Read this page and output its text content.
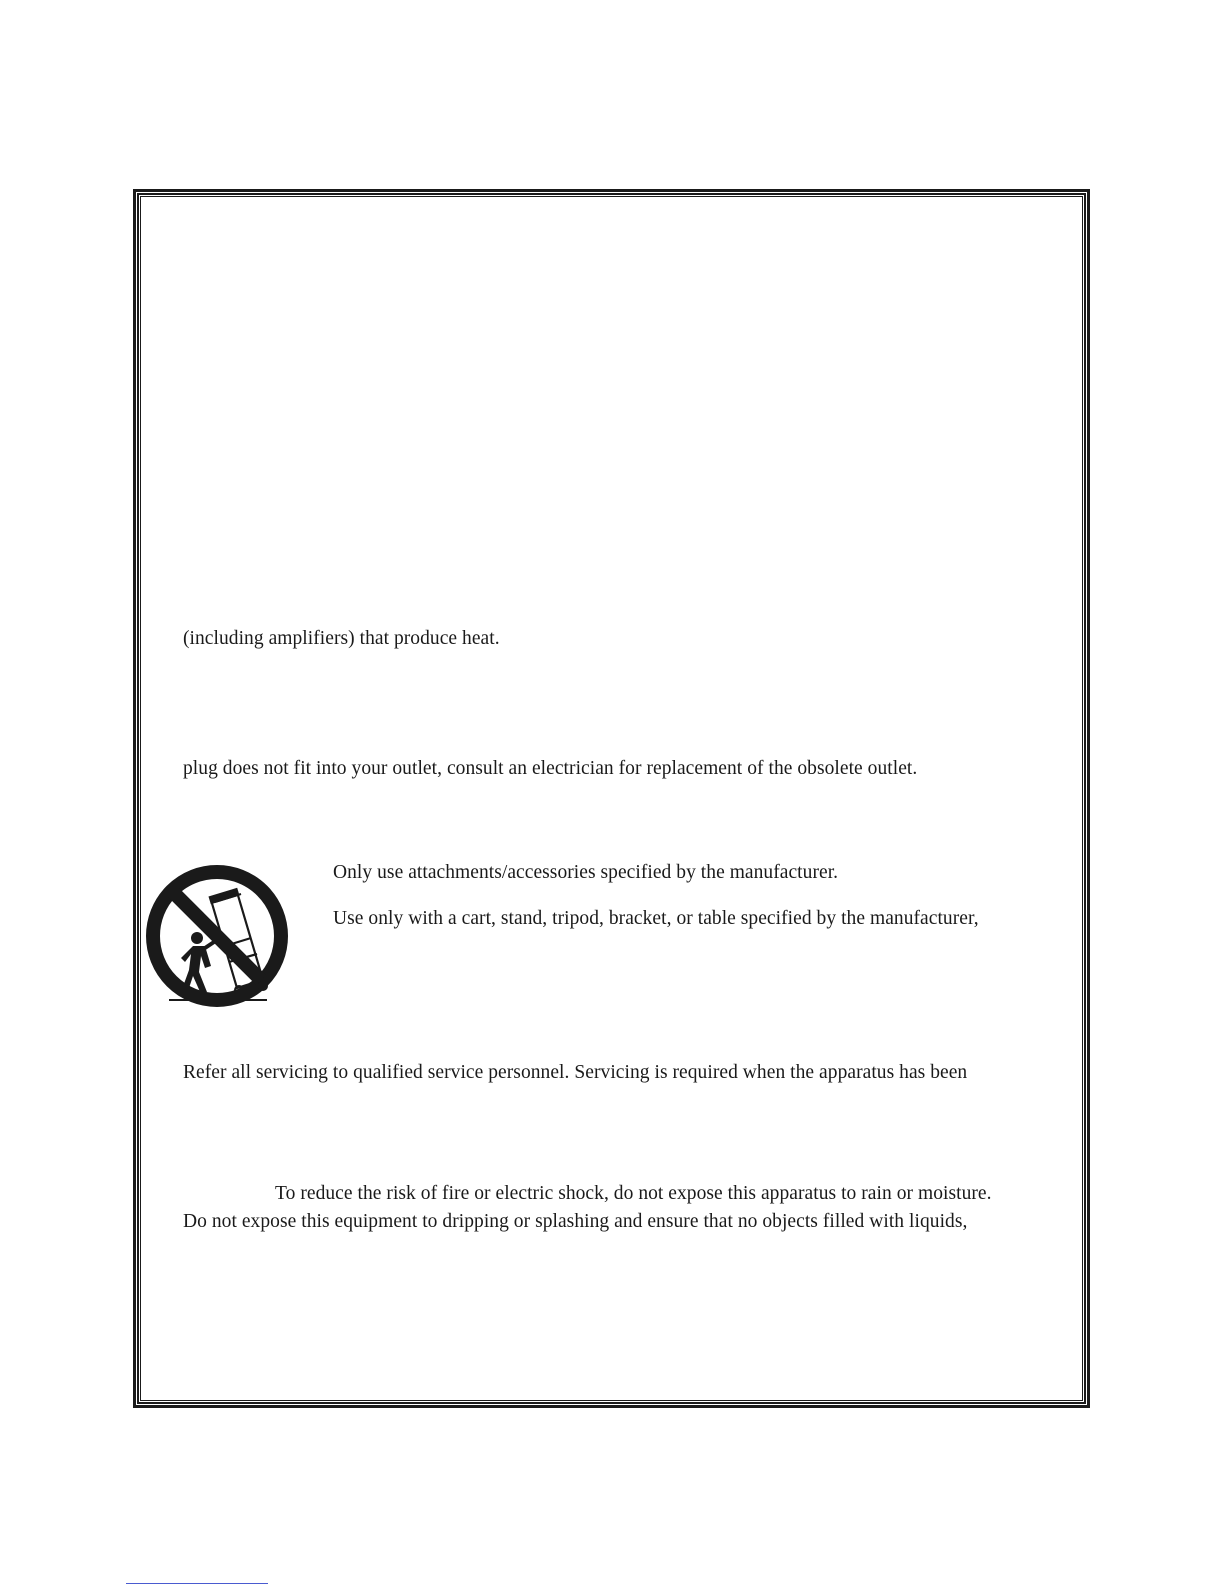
(including amplifiers) that produce heat.
plug does not fit into your outlet, consult an electrician for replacement of the obsolete outlet.
Only use attachments/accessories specified by the manufacturer.
Use only with a cart, stand, tripod, bracket, or table specified by the manufacturer,
Refer all servicing to qualified service personnel. Servicing is required when the apparatus has been
To reduce the risk of fire or electric shock, do not expose this apparatus to rain or moisture.
Do not expose this equipment to dripping or splashing and ensure that no objects filled with liquids,
